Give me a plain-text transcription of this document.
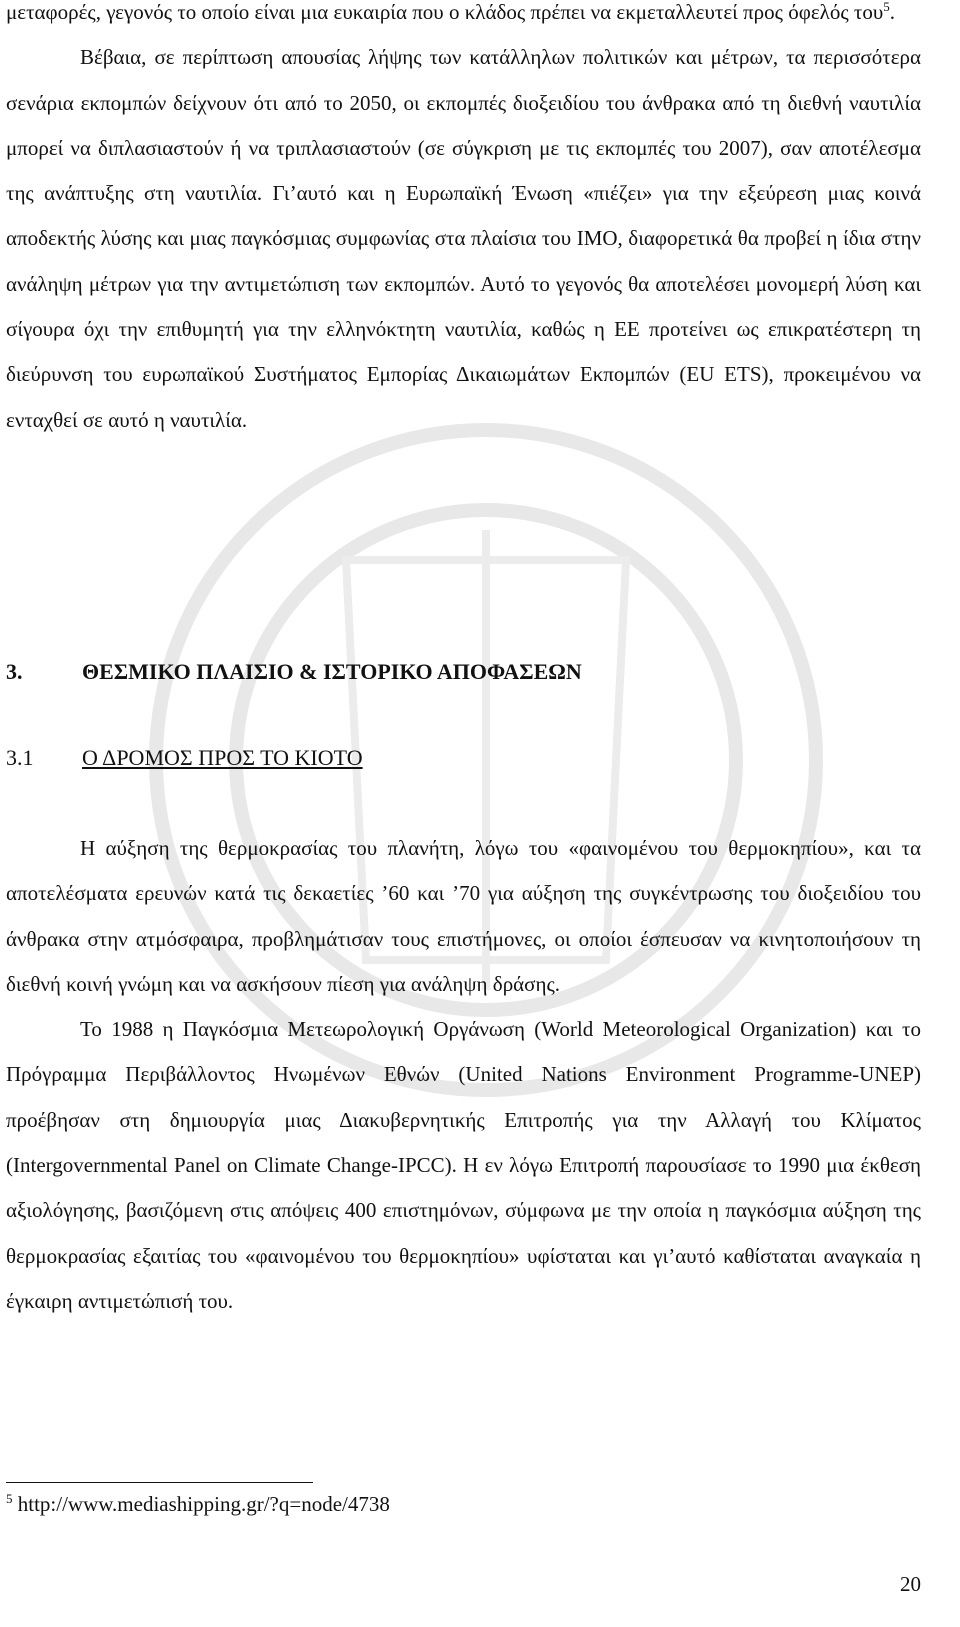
μεταφορές, γεγονός το οποίο είναι μια ευκαιρία που ο κλάδος πρέπει να εκμεταλλευτεί προς όφελός του$^5$.

Βέβαια, σε περίπτωση απουσίας λήψης των κατάλληλων πολιτικών και μέτρων, τα περισσότερα σενάρια εκπομπών δείχνουν ότι από το 2050, οι εκπομπές διοξειδίου του άνθρακα από τη διεθνή ναυτιλία μπορεί να διπλασιαστούν ή να τριπλασιαστούν (σε σύγκριση με τις εκπομπές του 2007), σαν αποτέλεσμα της ανάπτυξης στη ναυτιλία. Γι’αυτό και η Ευρωπαϊκή Ένωση «πιέζει» για την εξεύρεση μιας κοινά αποδεκτής λύσης και μιας παγκόσμιας συμφωνίας στα πλαίσια του ΙΜΟ, διαφορετικά θα προβεί η ίδια στην ανάληψη μέτρων για την αντιμετώπιση των εκπομπών. Αυτό το γεγονός θα αποτελέσει μονομερή λύση και σίγουρα όχι την επιθυμητή για την ελληνόκτητη ναυτιλία, καθώς η ΕΕ προτείνει ως επικρατέστερη τη διεύρυνση του ευρωπαϊκού Συστήματος Εμπορίας Δικαιωμάτων Εκπομπών (EU ETS), προκειμένου να ενταχθεί σε αυτό η ναυτιλία.

3.	ΘΕΣΜΙΚΟ ΠΛΑΙΣΙΟ & ΙΣΤΟΡΙΚΟ ΑΠΟΦΑΣΕΩΝ
3.1 Ο ΔΡΟΜΟΣ ΠΡΟΣ ΤΟ ΚΙΟΤΟ

Η αύξηση της θερμοκρασίας του πλανήτη, λόγω του «φαινομένου του θερμοκηπίου», και τα αποτελέσματα ερευνών κατά τις δεκαετίες ’60 και ’70 για αύξηση της συγκέντρωσης του διοξειδίου του άνθρακα στην ατμόσφαιρα, προβλημάτισαν τους επιστήμονες, οι οποίοι έσπευσαν να κινητοποιήσουν τη διεθνή κοινή γνώμη και να ασκήσουν πίεση για ανάληψη δράσης.

Το 1988 η Παγκόσμια Μετεωρολογική Οργάνωση (World Meteorological Organization) και το Πρόγραμμα Περιβάλλοντος Ηνωμένων Εθνών (United Nations Environment Programme-UNEP) προέβησαν στη δημιουργία μιας Διακυβερνητικής Επιτροπής για την Αλλαγή του Κλίματος (Intergovernmental Panel on Climate Change-IPCC). Η εν λόγω Επιτροπή παρουσίασε το 1990 μια έκθεση αξιολόγησης, βασιζόμενη στις απόψεις 400 επιστημόνων, σύμφωνα με την οποία η παγκόσμια αύξηση της θερμοκρασίας εξαιτίας του «φαινομένου του θερμοκηπίου» υφίσταται και γι’αυτό καθίσταται αναγκαία η έγκαιρη αντιμετώπισή του.

$^5$ http://www.mediashipping.gr/?q=node/4738
20
